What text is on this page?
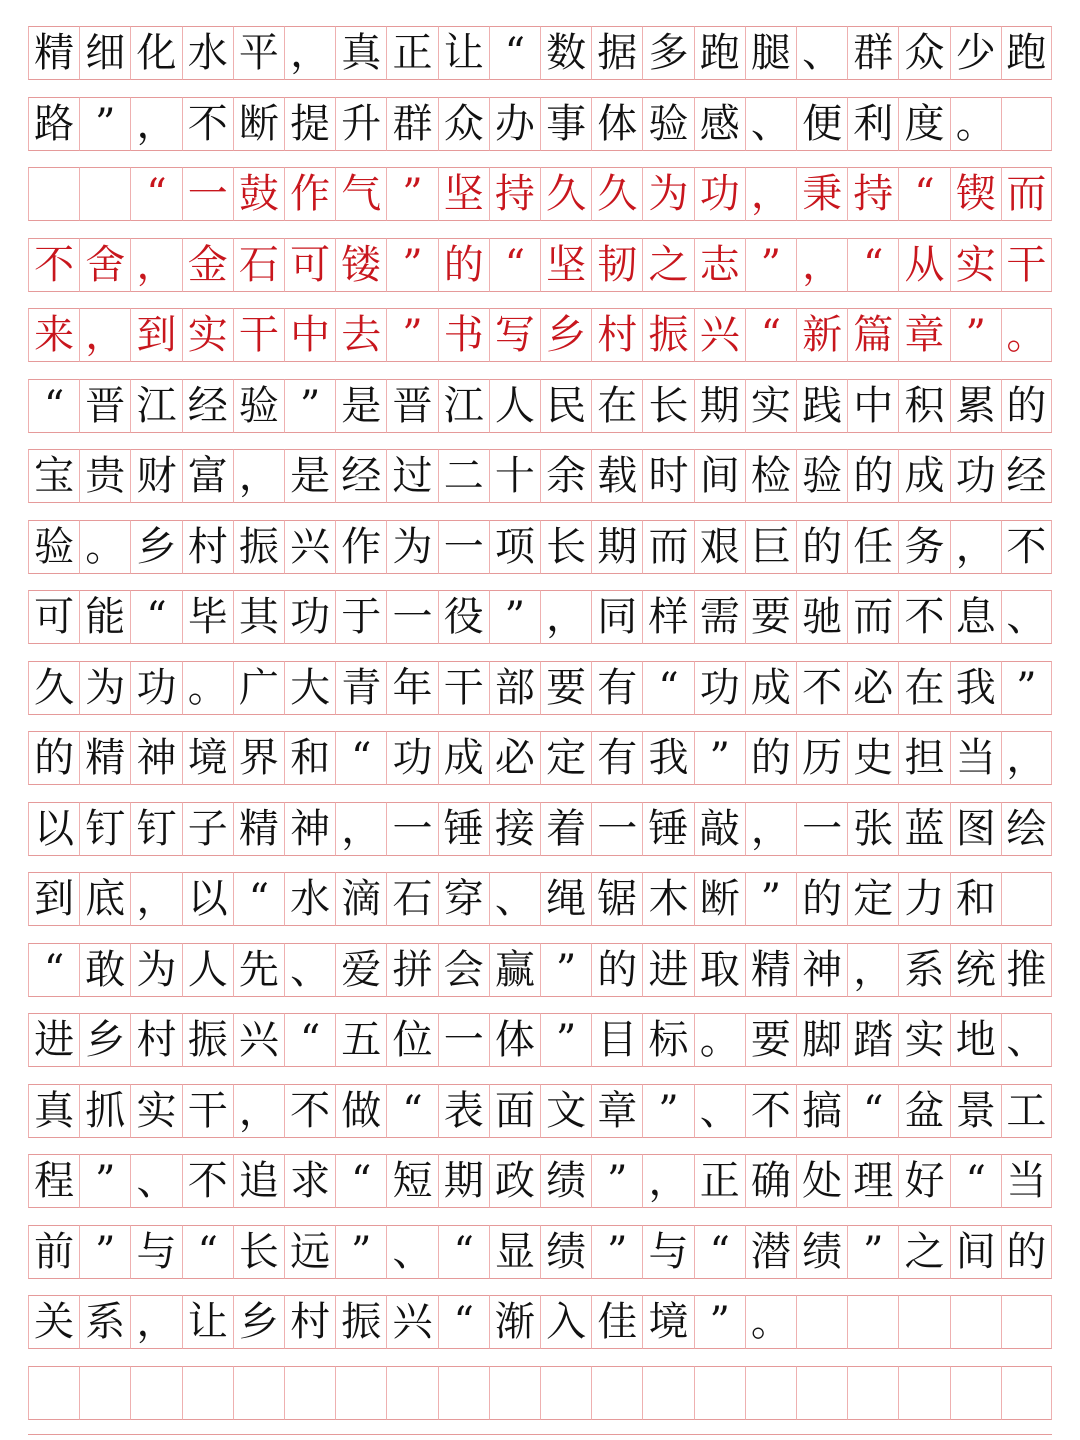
精 细 化 水 平 ， 真 正 让 “ 数 据 多 跑 腿 、 群 众 少 跑
路 ” ， 不 断 提 升 群 众 办 事 体 验 感 、 便 利 度 。
“ 一 鼓 作 气 ” 坚 持 久 久 为 功 ， 秉 持 “ 锲 而
不 舍 ， 金 石 可 镂 ” 的 “ 坚 韧 之 志 ” ， “ 从 实 干
来 ， 到 实 干 中 去 ” 书 写 乡 村 振 兴 “ 新 篇 章 ” 。
“ 晋 江 经 验 ” 是 晋 江 人 民 在 长 期 实 践 中 积 累 的
宝 贵 财 富 ， 是 经 过 二 十 余 载 时 间 检 验 的 成 功 经
验 。 乡 村 振 兴 作 为 一 项 长 期 而 艰 巨 的 任 务 ， 不
可 能 “ 毕 其 功 于 一 役 ” ， 同 样 需 要 驰 而 不 息 、
久 为 功 。 广 大 青 年 干 部 要 有 “ 功 成 不 必 在 我 ”
的 精 神 境 界 和 “ 功 成 必 定 有 我 ” 的 历 史 担 当 ，
以 钉 钉 子 精 神 ， 一 锤 接 着 一 锤 敲 ， 一 张 蓝 图 绘
到 底 ， 以 “ 水 滴 石 穿 、 绳 锯 木 断 ” 的 定 力 和
“ 敢 为 人 先 、 爱 拼 会 赢 ” 的 进 取 精 神 ， 系 统 推
进 乡 村 振 兴 “ 五 位 一 体 ” 目 标 。 要 脚 踏 实 地 、
真 抓 实 干 ， 不 做 “ 表 面 文 章 ” 、 不 搞 “ 盆 景 工
程 ” 、 不 追 求 “ 短 期 政 绩 ” ， 正 确 处 理 好 “ 当
前 ” 与 “ 长 远 ” 、 “ 显 绩 ” 与 “ 潜 绩 ” 之 间 的
关 系 ， 让 乡 村 振 兴 “ 渐 入 佳 境 ” 。
